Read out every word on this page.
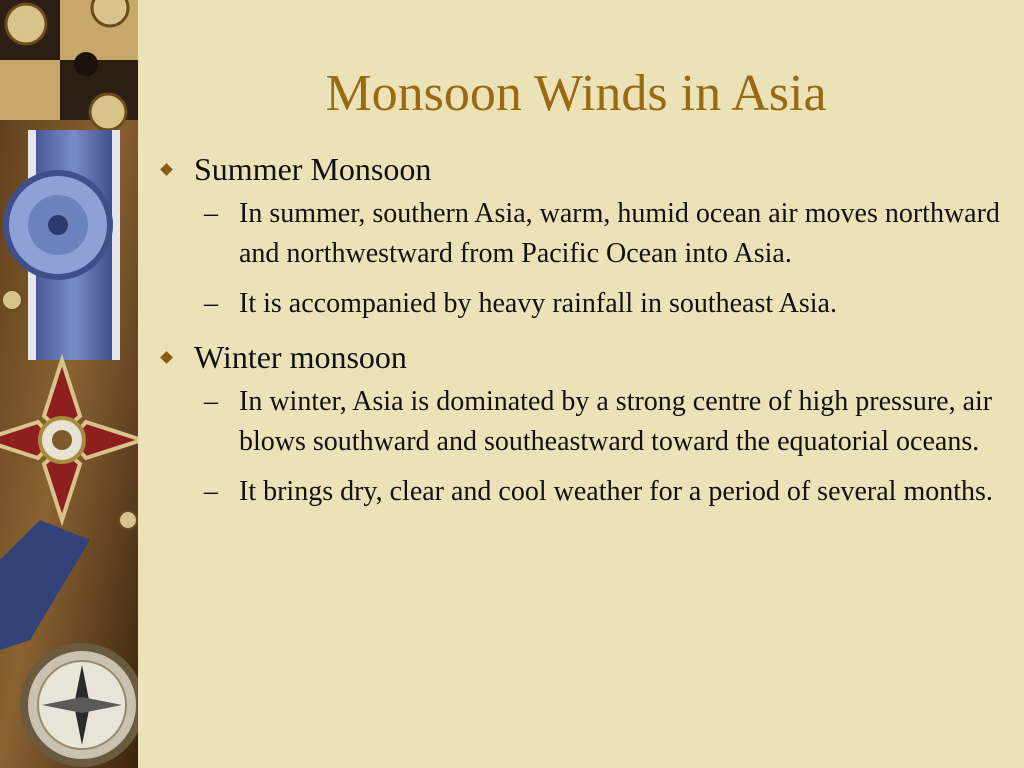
Monsoon Winds in Asia
Summer Monsoon
– In summer, southern Asia, warm, humid ocean air moves northward and northwestward from Pacific Ocean into Asia.
– It is accompanied by heavy rainfall in southeast Asia.
Winter monsoon
– In winter, Asia is dominated by a strong centre of high pressure, air blows southward and southeastward toward the equatorial oceans.
– It brings dry, clear and cool weather for a period of several months.
